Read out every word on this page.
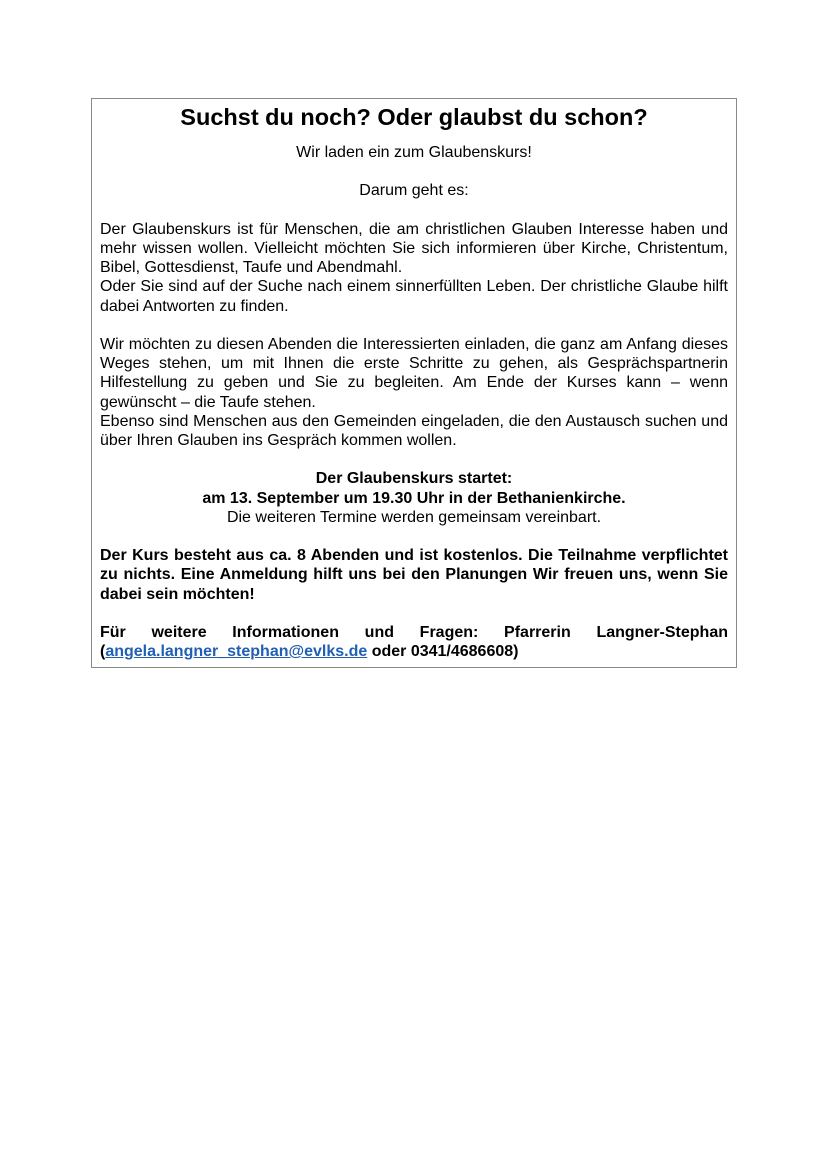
Suchst du noch? Oder glaubst du schon?

Wir laden ein zum Glaubenskurs!

Darum geht es:

Der Glaubenskurs ist für Menschen, die am christlichen Glauben Interesse haben und mehr wissen wollen. Vielleicht möchten Sie sich informieren über Kirche, Christentum, Bibel, Gottesdienst, Taufe und Abendmahl.

Oder Sie sind auf der Suche nach einem sinnerfüllten Leben. Der christliche Glaube hilft dabei Antworten zu finden.

Wir möchten zu diesen Abenden die Interessierten einladen, die ganz am Anfang dieses Weges stehen, um mit Ihnen die erste Schritte zu gehen, als Gesprächspartnerin Hilfestellung zu geben und Sie zu begleiten. Am Ende der Kurses kann – wenn gewünscht – die Taufe stehen.

Ebenso sind Menschen aus den Gemeinden eingeladen, die den Austausch suchen und über Ihren Glauben ins Gespräch kommen wollen.

Der Glaubenskurs startet:

am 13. September um 19.30 Uhr in der Bethanienkirche.

Die weiteren Termine werden gemeinsam vereinbart.

Der Kurs besteht aus ca. 8 Abenden und ist kostenlos. Die Teilnahme verpflichtet zu nichts. Eine Anmeldung hilft uns bei den Planungen Wir freuen uns, wenn Sie dabei sein möchten!

Für weitere Informationen und Fragen: Pfarrerin Langner-Stephan

(angela.langner_stephan@evlks.de oder 0341/4686608)
